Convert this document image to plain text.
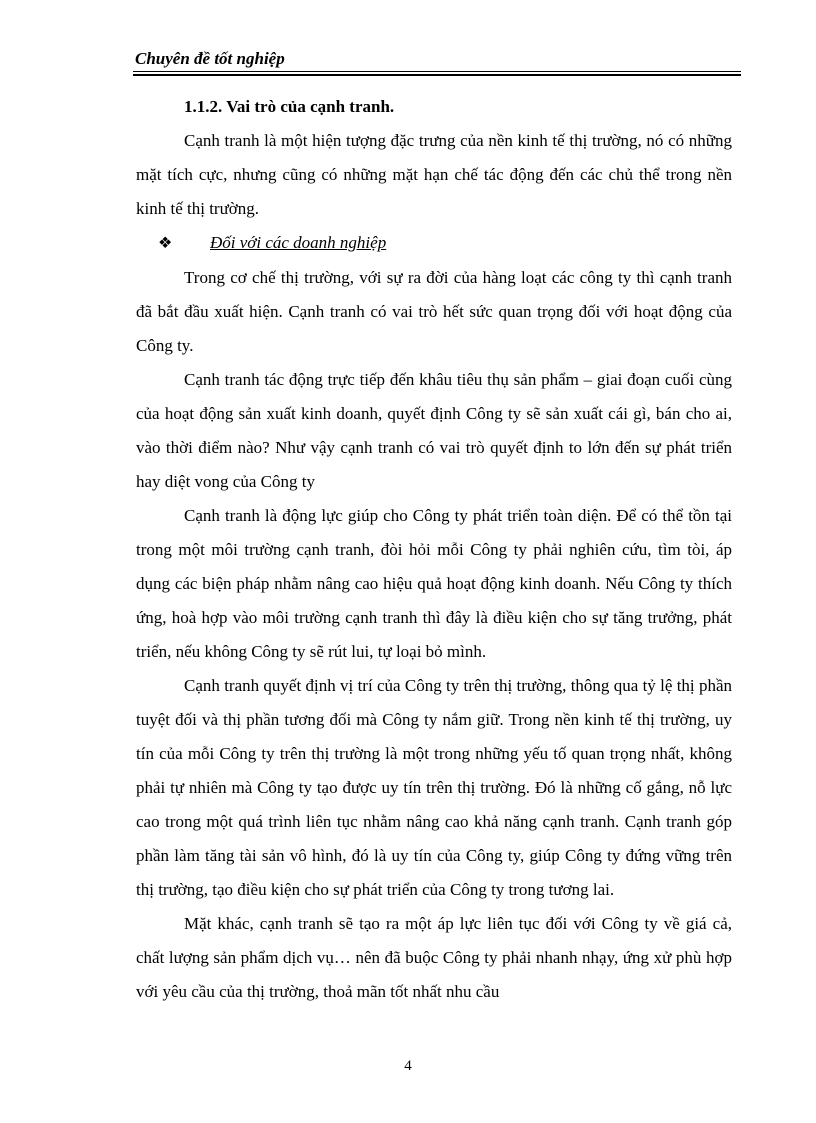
Chuyên đề tốt nghiệp
1.1.2. Vai trò của cạnh tranh.

Cạnh tranh là một hiện tượng đặc trưng của nền kinh tế thị trường, nó có những mặt tích cực, nhưng cũng có những mặt hạn chế tác động đến các chủ thể trong nền kinh tế thị trường.

❖ Đối với các doanh nghiệp

Trong cơ chế thị trường, với sự ra đời của hàng loạt các công ty thì cạnh tranh đã bắt đầu xuất hiện. Cạnh tranh có vai trò hết sức quan trọng đối với hoạt động của Công ty.

Cạnh tranh tác động trực tiếp đến khâu tiêu thụ sản phẩm – giai đoạn cuối cùng của hoạt động sản xuất kinh doanh, quyết định Công ty sẽ sản xuất cái gì, bán cho ai, vào thời điểm nào? Như vậy cạnh tranh có vai trò quyết định to lớn đến sự phát triển hay diệt vong của Công ty

Cạnh tranh là động lực giúp cho Công ty phát triển toàn diện. Để có thể tồn tại trong một môi trường cạnh tranh, đòi hỏi mỗi Công ty phải nghiên cứu, tìm tòi, áp dụng các biện pháp nhằm nâng cao hiệu quả hoạt động kinh doanh. Nếu Công ty thích ứng, hoà hợp vào môi trường cạnh tranh thì đây là điều kiện cho sự tăng trưởng, phát triển, nếu không Công ty sẽ rút lui, tự loại bỏ mình.

Cạnh tranh quyết định vị trí của Công ty trên thị trường, thông qua tỷ lệ thị phần tuyệt đối và thị phần tương đối mà Công ty nắm giữ. Trong nền kinh tế thị trường, uy tín của mỗi Công ty trên thị trường là một trong những yếu tố quan trọng nhất, không phải tự nhiên mà Công ty tạo được uy tín trên thị trường. Đó là những cố gắng, nỗ lực cao trong một quá trình liên tục nhằm nâng cao khả năng cạnh tranh. Cạnh tranh góp phần làm tăng tài sản vô hình, đó là uy tín của Công ty, giúp Công ty đứng vững trên thị trường, tạo điều kiện cho sự phát triển của Công ty trong tương lai.

Mặt khác, cạnh tranh sẽ tạo ra một áp lực liên tục đối với Công ty về giá cả, chất lượng sản phẩm dịch vụ… nên đã buộc Công ty phải nhanh nhạy, ứng xử phù hợp với yêu cầu của thị trường, thoả mãn tốt nhất nhu cầu

4
